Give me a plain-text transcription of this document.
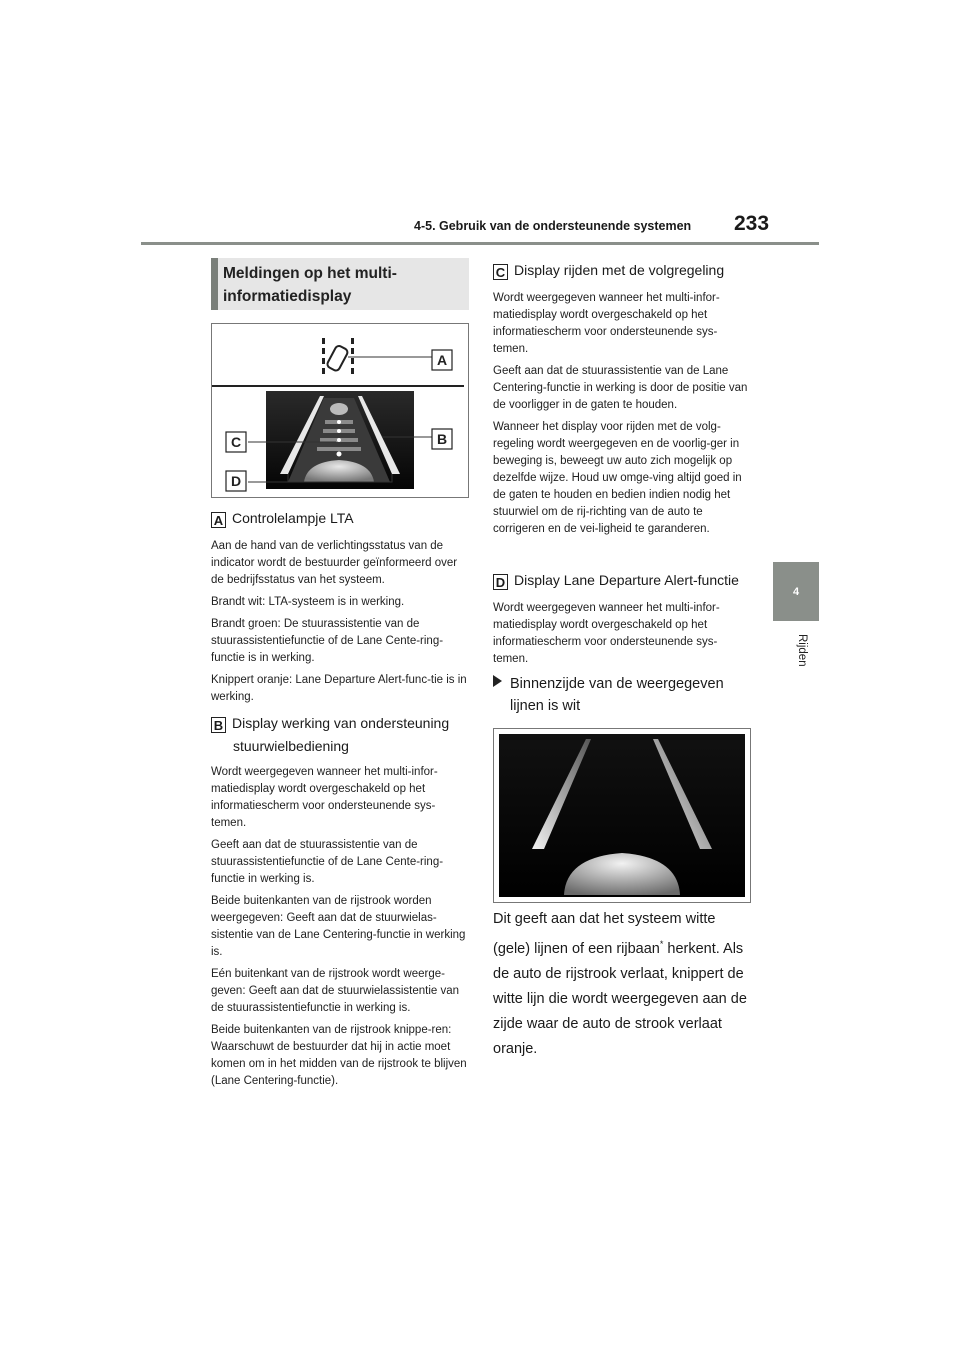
4-5. Gebruik van de ondersteunende systemen 233
4
Rijden
Meldingen op het multi-informatiedisplay
A
B
C
D
A Controlelampje LTA

Aan de hand van de verlichtingsstatus van de indicator wordt de bestuurder geïnformeerd over de bedrijfsstatus van het systeem.

Brandt wit: LTA-systeem is in werking.

Brandt groen: De stuurassistentie van de stuurassistentiefunctie of de Lane Cente-ring-functie is in werking.

Knippert oranje: Lane Departure Alert-func-tie is in werking.

B Display werking van ondersteuning
stuurwielbediening

Wordt weergegeven wanneer het multi-infor-matiedisplay wordt overgeschakeld op het informatiescherm voor ondersteunende sys-temen.

Geeft aan dat de stuurassistentie van de stuurassistentiefunctie of de Lane Cente-ring-functie in werking is.

Beide buitenkanten van de rijstrook worden weergegeven: Geeft aan dat de stuurwielas-sistentie van de Lane Centering-functie in werking is.

Eén buitenkant van de rijstrook wordt weerge-geven: Geeft aan dat de stuurwielassistentie van de stuurassistentiefunctie in werking is.

Beide buitenkanten van de rijstrook knippe-ren: Waarschuwt de bestuurder dat hij in actie moet komen om in het midden van de rijstrook te blijven (Lane Centering-functie).

C Display rijden met de volgregeling

Wordt weergegeven wanneer het multi-infor-matiedisplay wordt overgeschakeld op het informatiescherm voor ondersteunende sys-temen.

Geeft aan dat de stuurassistentie van de Lane Centering-functie in werking is door de positie van de voorligger in de gaten te houden.

Wanneer het display voor rijden met de volg-regeling wordt weergegeven en de voorlig-ger in beweging is, beweegt uw auto zich mogelijk op dezelfde wijze. Houd uw omge-ving altijd goed in de gaten te houden en bedien indien nodig het stuurwiel om de rij-richting van de auto te corrigeren en de vei-ligheid te garanderen.

D Display Lane Departure Alert-functie

Wordt weergegeven wanneer het multi-infor-matiedisplay wordt overgeschakeld op het informatiescherm voor ondersteunende sys-temen.

Binnenzijde van de weergegeven
lijnen is wit
Dit geeft aan dat het systeem witte
(gele) lijnen of een rijbaan* herkent. Als
de auto de rijstrook verlaat, knippert de
witte lijn die wordt weergegeven aan de
zijde waar de auto de strook verlaat
oranje.
